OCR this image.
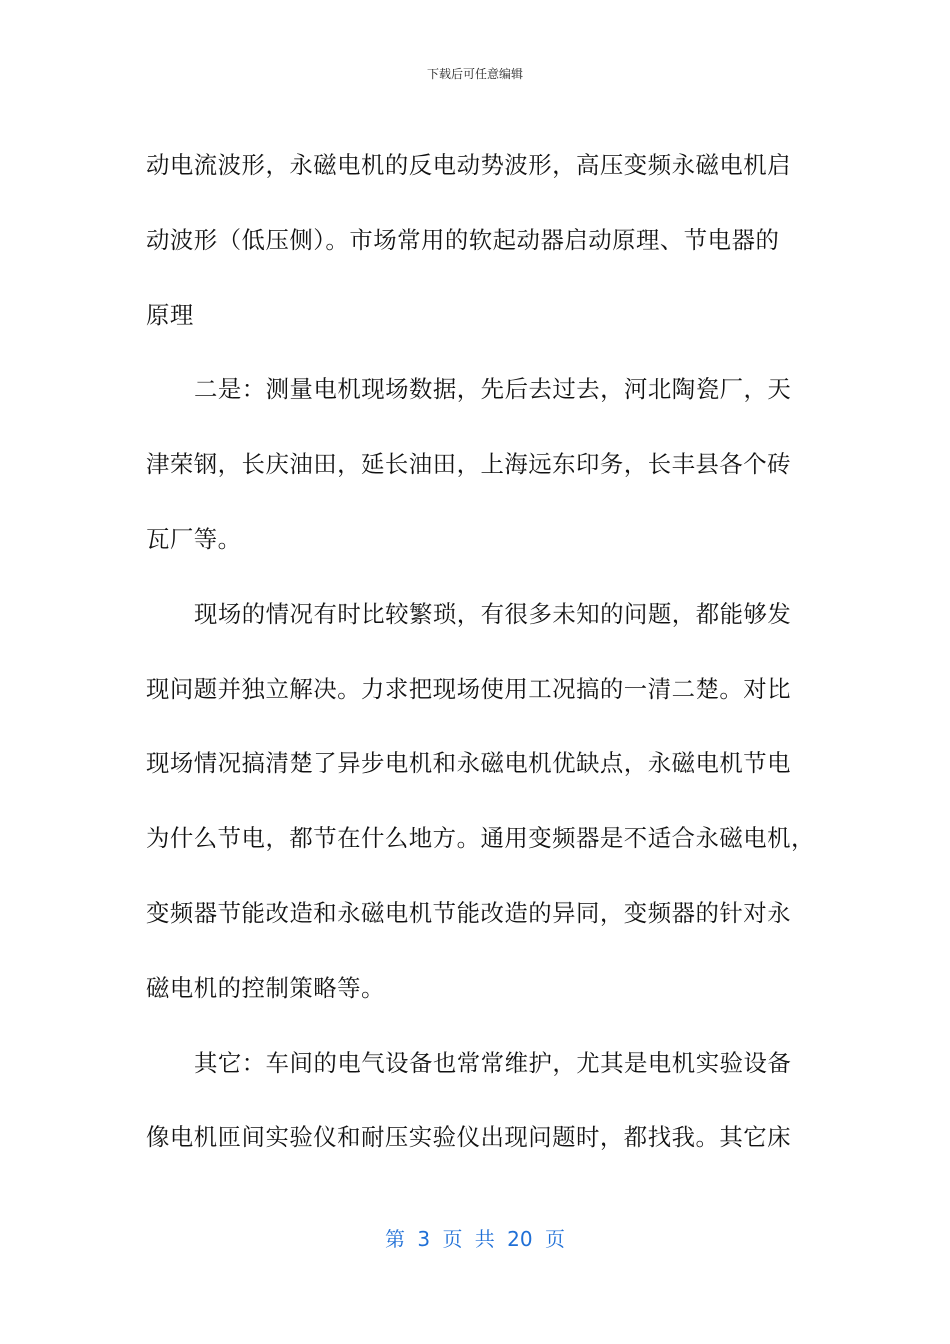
下载后可任意编辑
动电流波形，永磁电机的反电动势波形，高压变频永磁电机启
动波形（低压侧）。市场常用的软起动器启动原理、节电器的
原理
二是：测量电机现场数据，先后去过去，河北陶瓷厂，天
津荣钢，长庆油田，延长油田，上海远东印务，长丰县各个砖
瓦厂等。
现场的情况有时比较繁琐，有很多未知的问题，都能够发
现问题并独立解决。力求把现场使用工况搞的一清二楚。对比
现场情况搞清楚了异步电机和永磁电机优缺点，永磁电机节电
为什么节电，都节在什么地方。通用变频器是不适合永磁电机，
变频器节能改造和永磁电机节能改造的异同，变频器的针对永
磁电机的控制策略等。
其它：车间的电气设备也常常维护，尤其是电机实验设备
像电机匝间实验仪和耐压实验仪出现问题时，都找我。其它床
第 3 页 共 20 页
